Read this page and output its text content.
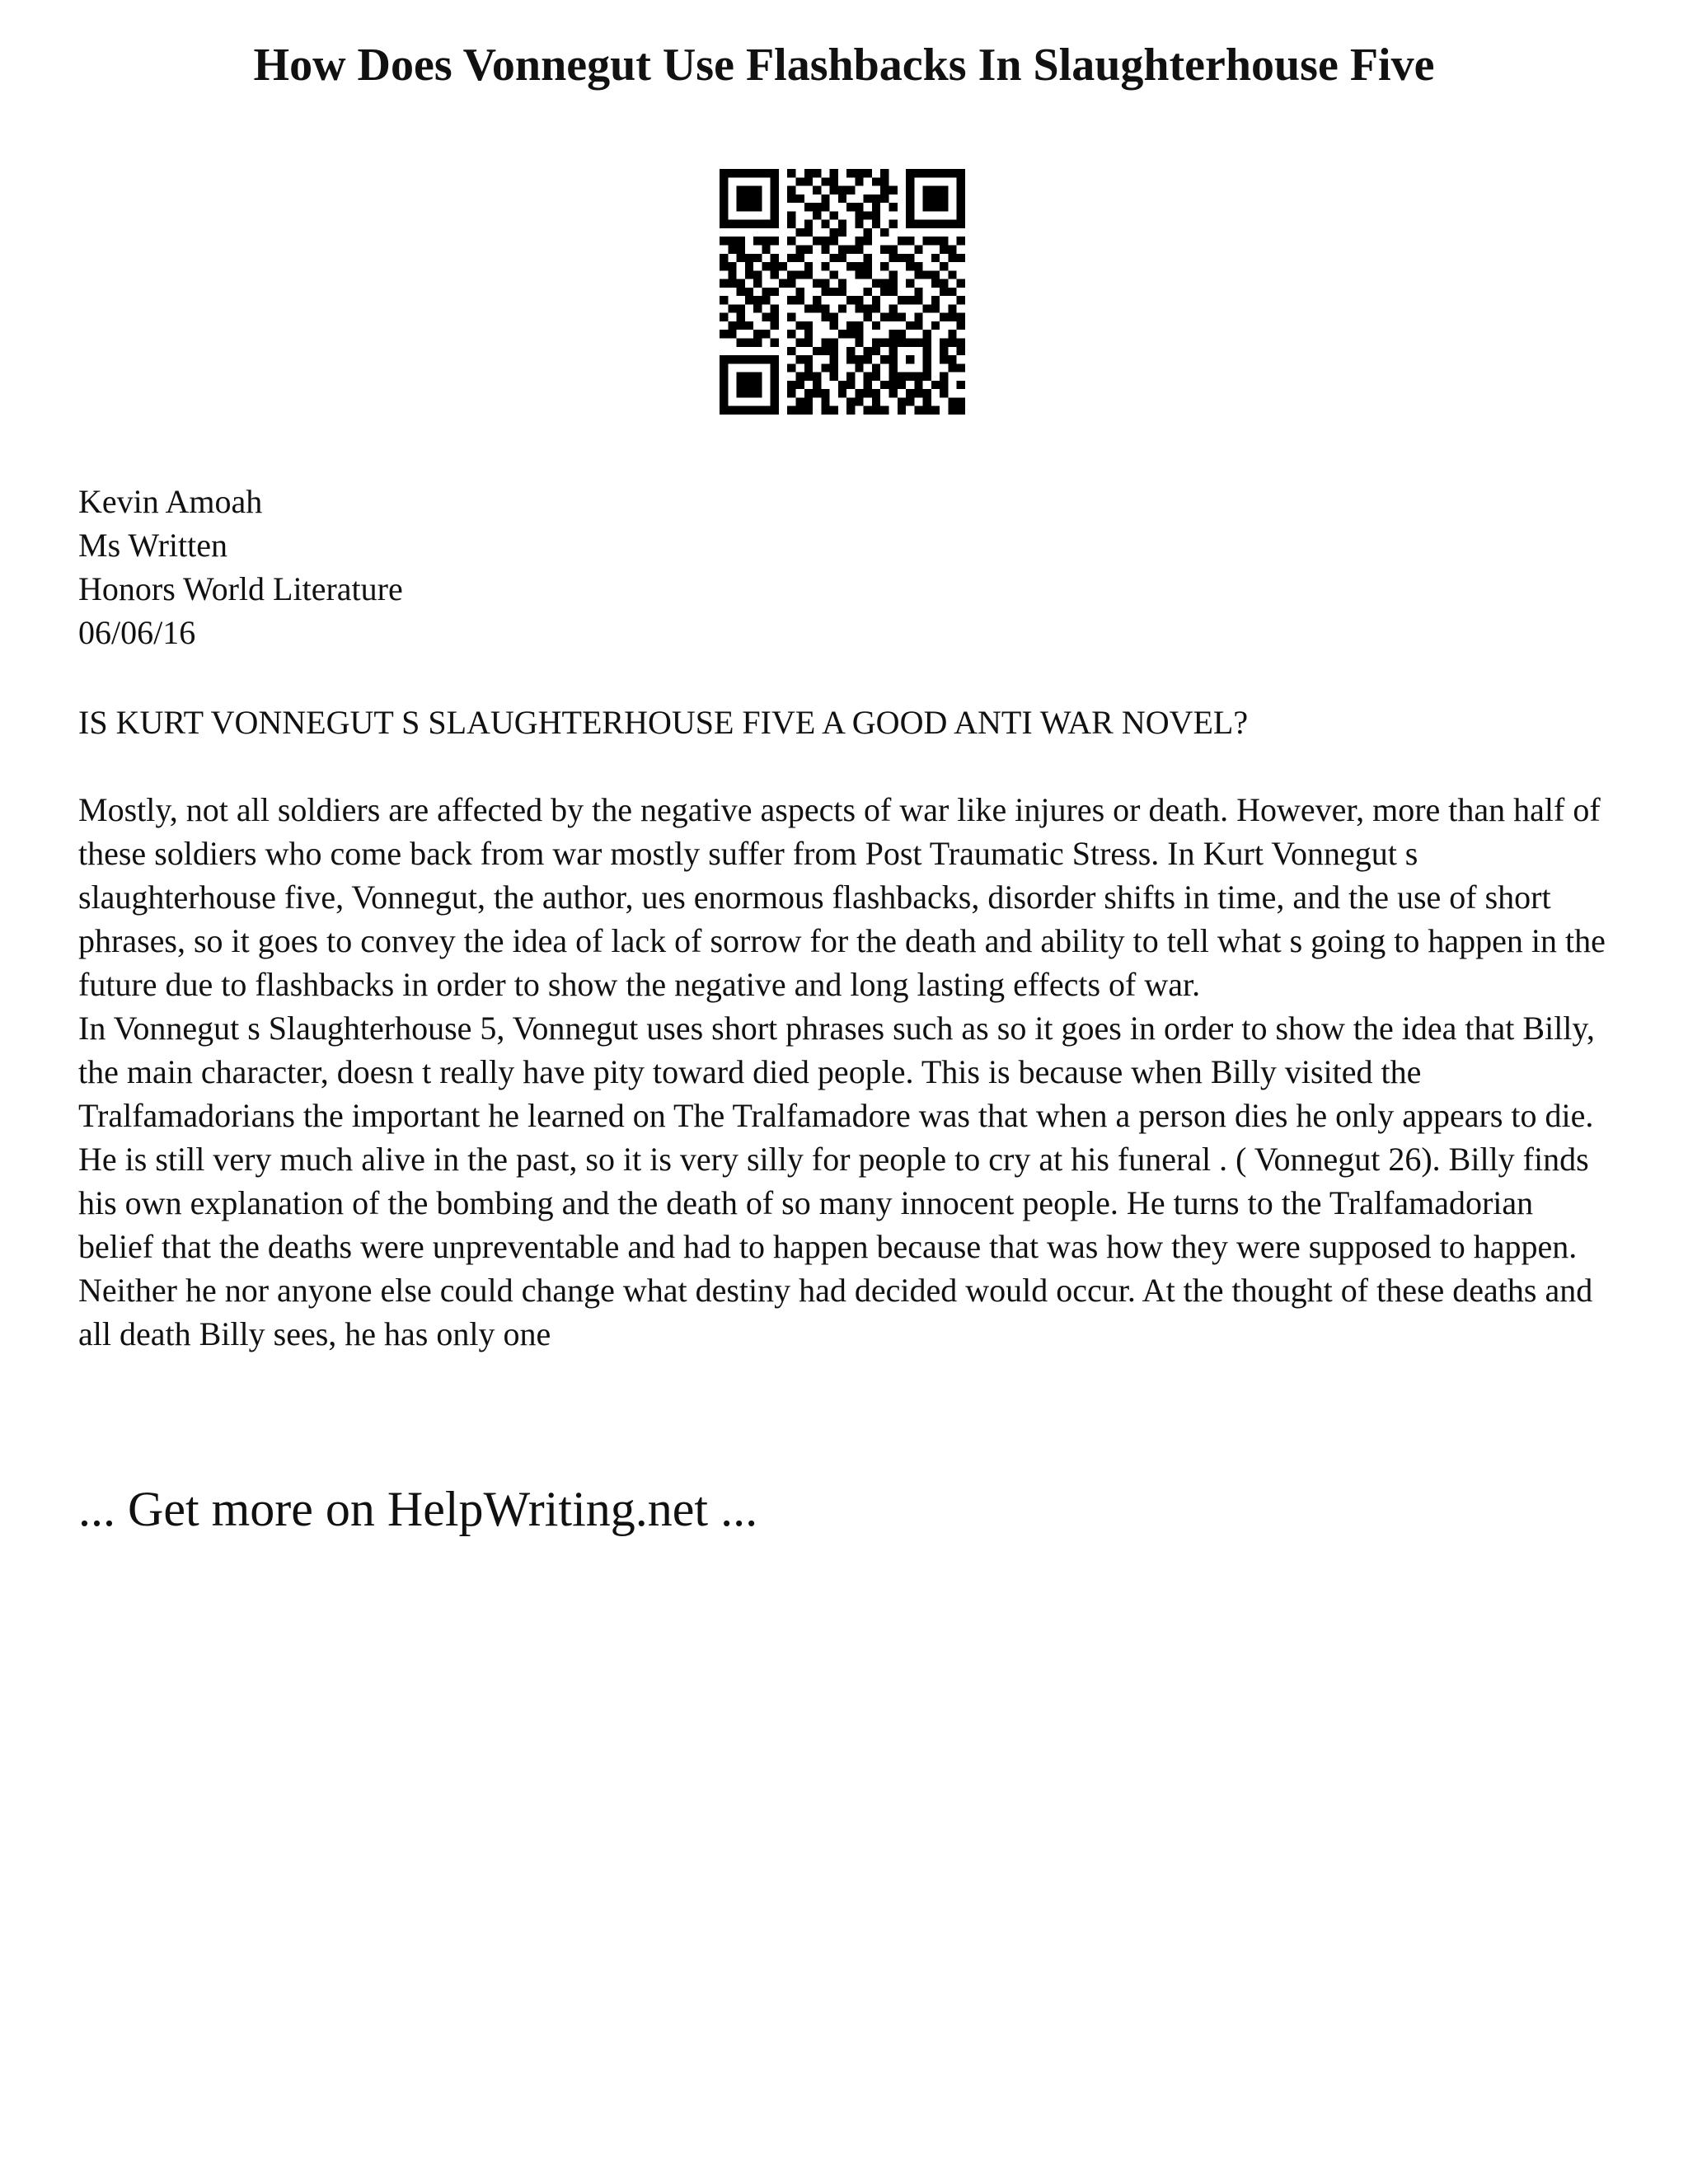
How Does Vonnegut Use Flashbacks In Slaughterhouse Five
Kevin Amoah
Ms Written
Honors World Literature
06/06/16
IS KURT VONNEGUT S SLAUGHTERHOUSE FIVE A GOOD ANTI WAR NOVEL?

Mostly, not all soldiers are affected by the negative aspects of war like injures or death. However, more than half of these soldiers who come back from war mostly suffer from Post Traumatic Stress. In Kurt Vonnegut s slaughterhouse five, Vonnegut, the author, ues enormous flashbacks, disorder shifts in time, and the use of short phrases, so it goes to convey the idea of lack of sorrow for the death and ability to tell what s going to happen in the future due to flashbacks in order to show the negative and long lasting effects of war.

In Vonnegut s Slaughterhouse 5, Vonnegut uses short phrases such as so it goes in order to show the idea that Billy, the main character, doesn t really have pity toward died people. This is because when Billy visited the Tralfamadorians the important he learned on The Tralfamadore was that when a person dies he only appears to die. He is still very much alive in the past, so it is very silly for people to cry at his funeral . ( Vonnegut 26). Billy finds his own explanation of the bombing and the death of so many innocent people. He turns to the Tralfamadorian belief that the deaths were unpreventable and had to happen because that was how they were supposed to happen. Neither he nor anyone else could change what destiny had decided would occur. At the thought of these deaths and all death Billy sees, he has only one

... Get more on HelpWriting.net ...
